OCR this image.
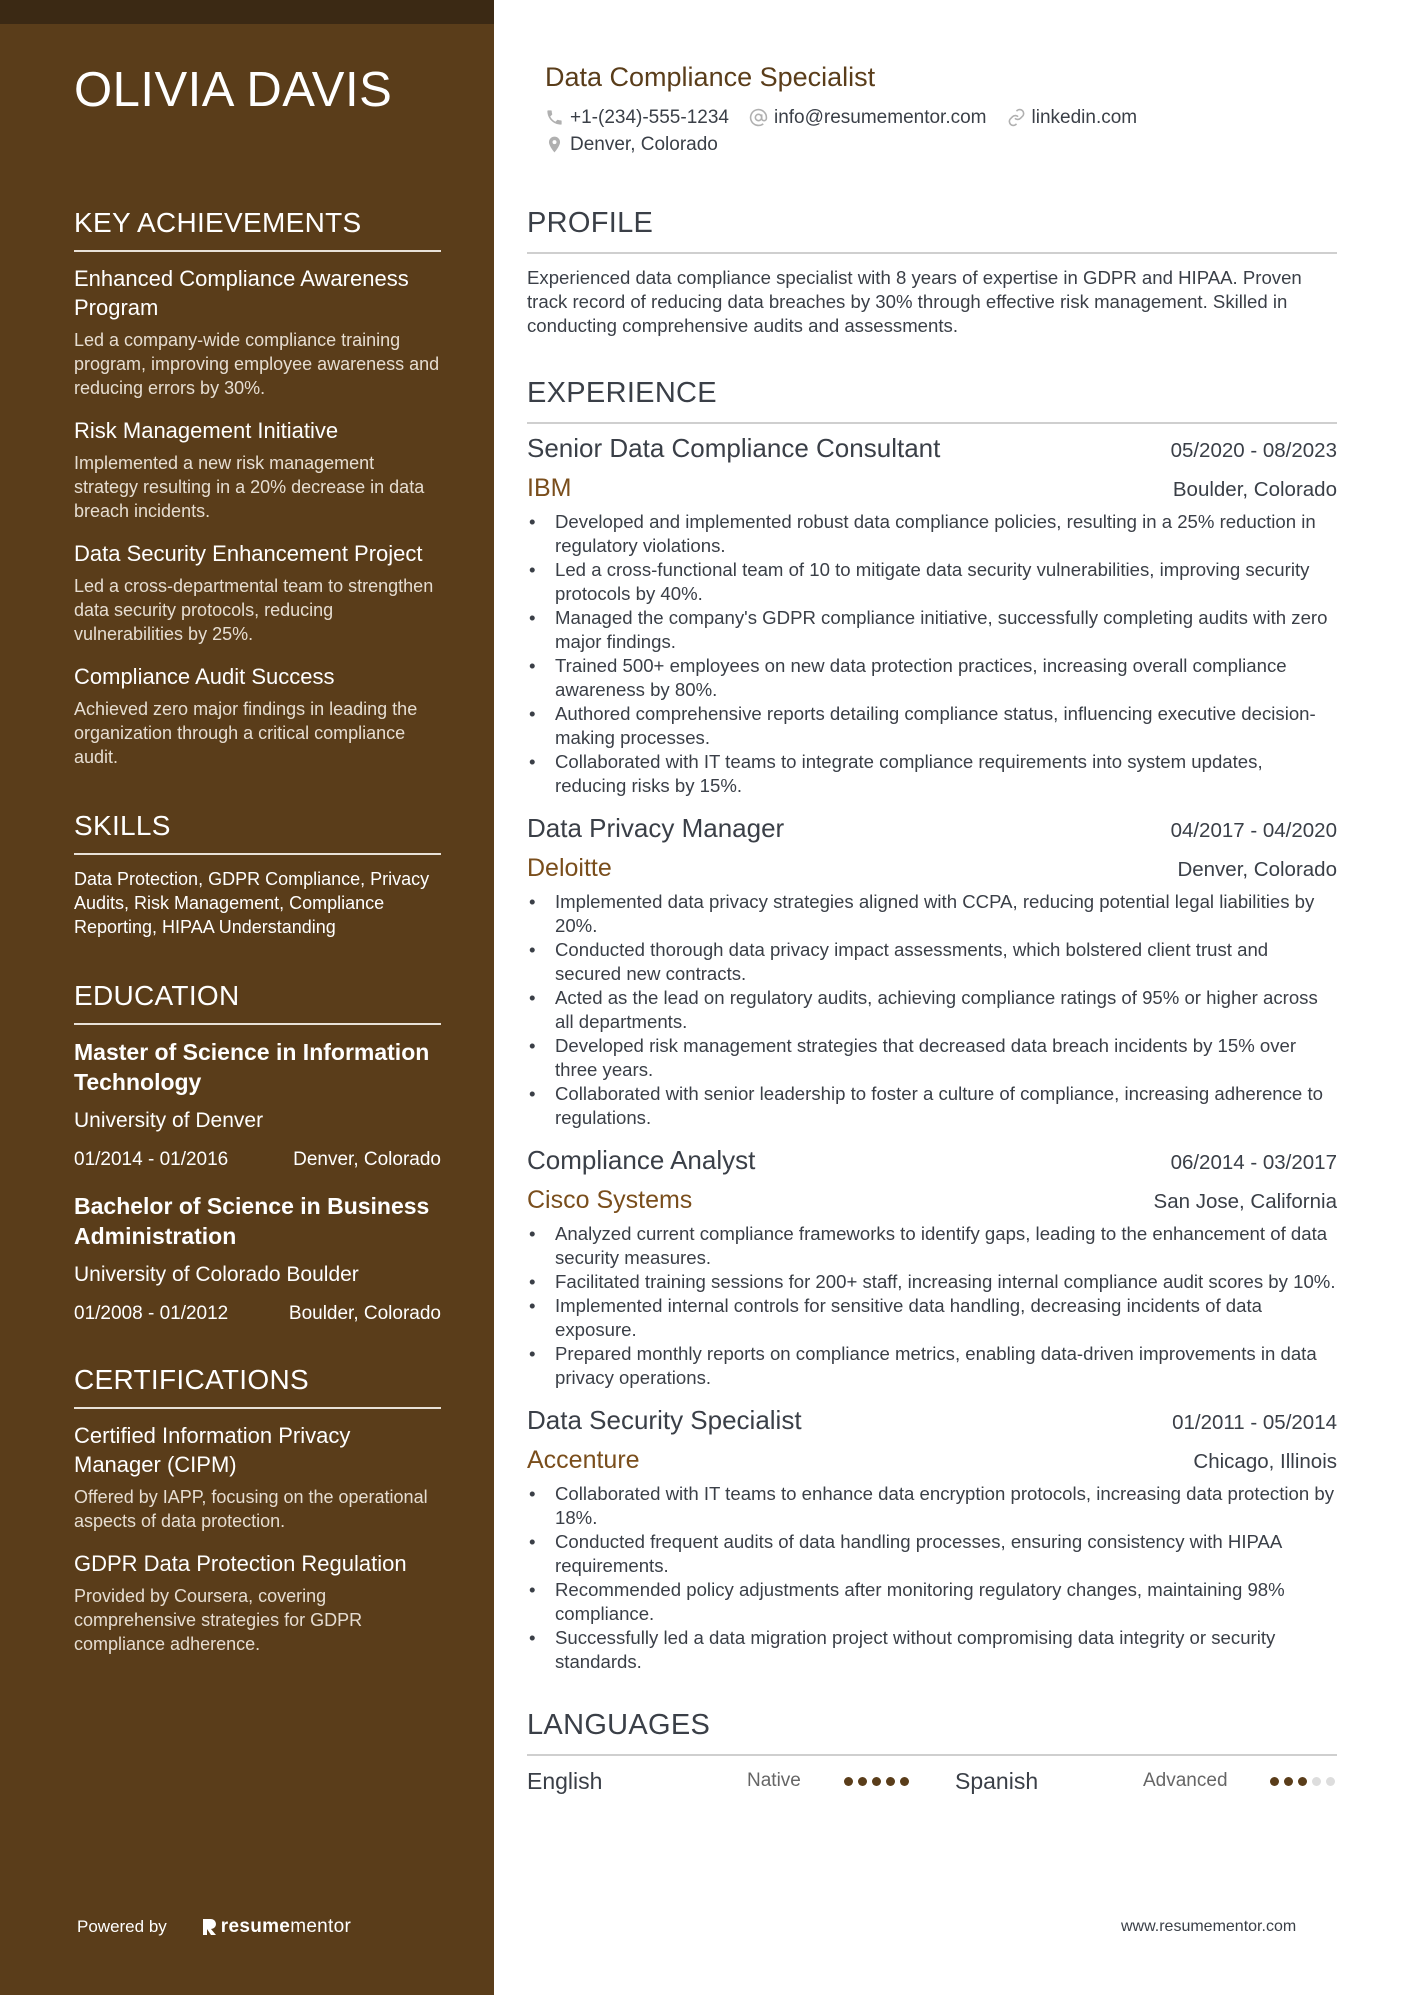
OLIVIA DAVIS
KEY ACHIEVEMENTS
Enhanced Compliance Awareness Program
Led a company-wide compliance training program, improving employee awareness and reducing errors by 30%.
Risk Management Initiative
Implemented a new risk management strategy resulting in a 20% decrease in data breach incidents.
Data Security Enhancement Project
Led a cross-departmental team to strengthen data security protocols, reducing vulnerabilities by 25%.
Compliance Audit Success
Achieved zero major findings in leading the organization through a critical compliance audit.
SKILLS
Data Protection, GDPR Compliance, Privacy Audits, Risk Management, Compliance Reporting, HIPAA Understanding
EDUCATION
Master of Science in Information Technology
University of Denver
01/2014 - 01/2016	Denver, Colorado
Bachelor of Science in Business Administration
University of Colorado Boulder
01/2008 - 01/2012	Boulder, Colorado
CERTIFICATIONS
Certified Information Privacy Manager (CIPM)
Offered by IAPP, focusing on the operational aspects of data protection.
GDPR Data Protection Regulation
Provided by Coursera, covering comprehensive strategies for GDPR compliance adherence.
Powered by	resume mentor
Data Compliance Specialist
+1-(234)-555-1234 info@resumementor.com linkedin.com
Denver, Colorado
PROFILE
Experienced data compliance specialist with 8 years of expertise in GDPR and HIPAA. Proven track record of reducing data breaches by 30% through effective risk management. Skilled in conducting comprehensive audits and assessments.
EXPERIENCE
Senior Data Compliance Consultant	05/2020 - 08/2023
IBM	Boulder, Colorado
• Developed and implemented robust data compliance policies, resulting in a 25% reduction in regulatory violations.
• Led a cross-functional team of 10 to mitigate data security vulnerabilities, improving security protocols by 40%.
• Managed the company's GDPR compliance initiative, successfully completing audits with zero major findings.
• Trained 500+ employees on new data protection practices, increasing overall compliance awareness by 80%.
• Authored comprehensive reports detailing compliance status, influencing executive decision-making processes.
• Collaborated with IT teams to integrate compliance requirements into system updates, reducing risks by 15%.
Data Privacy Manager	04/2017 - 04/2020
Deloitte	Denver, Colorado
• Implemented data privacy strategies aligned with CCPA, reducing potential legal liabilities by 20%.
• Conducted thorough data privacy impact assessments, which bolstered client trust and secured new contracts.
• Acted as the lead on regulatory audits, achieving compliance ratings of 95% or higher across all departments.
• Developed risk management strategies that decreased data breach incidents by 15% over three years.
• Collaborated with senior leadership to foster a culture of compliance, increasing adherence to regulations.
Compliance Analyst	06/2014 - 03/2017
Cisco Systems	San Jose, California
• Analyzed current compliance frameworks to identify gaps, leading to the enhancement of data security measures.
• Facilitated training sessions for 200+ staff, increasing internal compliance audit scores by 10%.
• Implemented internal controls for sensitive data handling, decreasing incidents of data exposure.
• Prepared monthly reports on compliance metrics, enabling data-driven improvements in data privacy operations.
Data Security Specialist	01/2011 - 05/2014
Accenture	Chicago, Illinois
• Collaborated with IT teams to enhance data encryption protocols, increasing data protection by 18%.
• Conducted frequent audits of data handling processes, ensuring consistency with HIPAA requirements.
• Recommended policy adjustments after monitoring regulatory changes, maintaining 98% compliance.
• Successfully led a data migration project without compromising data integrity or security standards.
LANGUAGES
English	Native	Spanish	Advanced
www.resumementor.com
